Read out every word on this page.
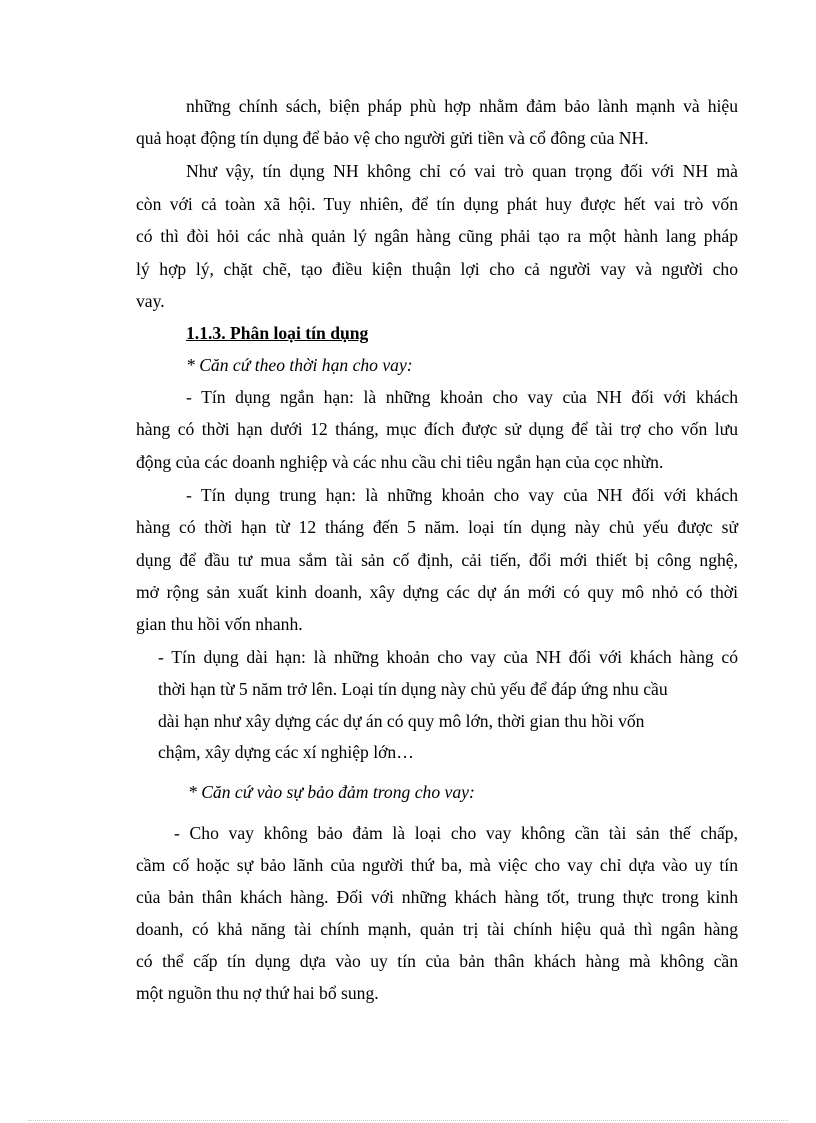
những chính sách, biện pháp phù hợp nhằm đảm bảo lành mạnh và hiệu
quả hoạt động tín dụng để bảo vệ cho người gửi tiền và cổ đông của NH.
Như vậy, tín dụng NH không chỉ có vai trò quan trọng đối với NH mà
còn với cả toàn xã hội. Tuy nhiên, để tín dụng phát huy được hết vai trò vốn
có thì đòi hỏi các nhà quản lý ngân hàng cũng phải tạo ra một hành lang pháp
lý hợp lý, chặt chẽ, tạo điều kiện thuận lợi cho cả người vay và người cho
vay.
1.1.3. Phân loại tín dụng
* Căn cứ theo thời hạn cho vay:
- Tín dụng ngắn hạn: là những khoản cho vay của NH đối với khách
hàng có thời hạn dưới 12 tháng, mục đích được sử dụng để tài trợ cho vốn lưu
động của các doanh nghiệp và các nhu cầu chi tiêu ngắn hạn của cọc nhừn.
- Tín dụng trung hạn: là những khoản cho vay của NH đối với khách
hàng có thời hạn từ 12 tháng đến 5 năm. loại tín dụng này chủ yếu được sử
dụng để đầu tư mua sắm tài sản cố định, cải tiến, đổi mới thiết bị công nghệ,
mở rộng sản xuất kinh doanh, xây dựng các dự án mới có quy mô nhỏ có thời
gian thu hồi vốn nhanh.
- Tín dụng dài hạn: là những khoản cho vay của NH đối với khách hàng có
thời hạn từ 5 năm trở lên. Loại tín dụng này chủ yếu để đáp ứng nhu cầu
dài hạn như xây dựng các dự án có quy mô lớn, thời gian thu hồi vốn
chậm, xây dựng các xí nghiệp lớn…
* Căn cứ vào sự bảo đảm trong cho vay:
- Cho vay không bảo đảm là loại cho vay không cần tài sản thế chấp,
cầm cố hoặc sự bảo lãnh của người thứ ba, mà việc cho vay chỉ dựa vào uy tín
của bản thân khách hàng. Đối với những khách hàng tốt, trung thực trong kinh
doanh, có khả năng tài chính mạnh, quản trị tài chính hiệu quả thì ngân hàng
có thể cấp tín dụng dựa vào uy tín của bản thân khách hàng mà không cần
một nguồn thu nợ thứ hai bổ sung.
